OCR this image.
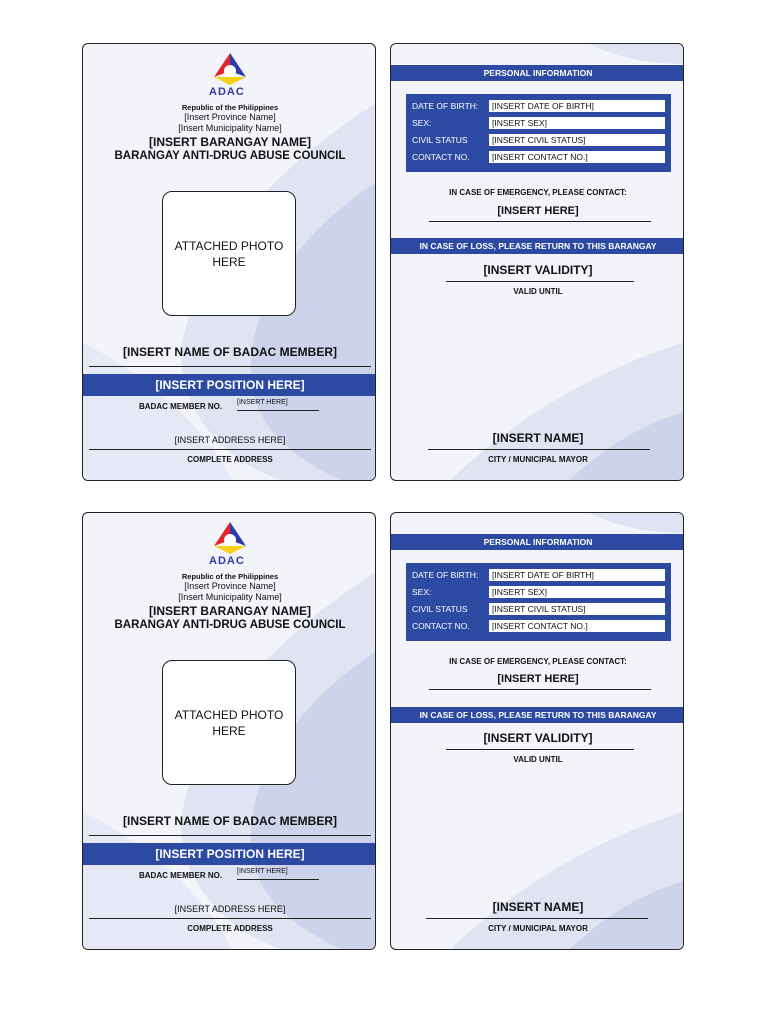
ADAC
Republic of the Philippines
[Insert Province Name]
[Insert Municipality Name]
[INSERT BARANGAY NAME]
BARANGAY ANTI-DRUG ABUSE COUNCIL
ATTACHED PHOTO
HERE
[INSERT NAME OF BADAC MEMBER]
[INSERT POSITION HERE]
BADAC MEMBER NO. [INSERT HERE]
[INSERT ADDRESS HERE]
COMPLETE ADDRESS
PERSONAL INFORMATION
DATE OF BIRTH:	[INSERT DATE OF BIRTH]
SEX:	[INSERT SEX]
CIVIL STATUS	[INSERT CIVIL STATUS]
CONTACT NO.	[INSERT CONTACT NO.]
IN CASE OF EMERGENCY, PLEASE CONTACT:
[INSERT HERE]
IN CASE OF LOSS, PLEASE RETURN TO THIS BARANGAY
[INSERT VALIDITY]
VALID UNTIL
[INSERT NAME]
CITY / MUNICIPAL MAYOR
ADAC
Republic of the Philippines
[Insert Province Name]
[Insert Municipality Name]
[INSERT BARANGAY NAME]
BARANGAY ANTI-DRUG ABUSE COUNCIL
ATTACHED PHOTO
HERE
[INSERT NAME OF BADAC MEMBER]
[INSERT POSITION HERE]
BADAC MEMBER NO. [INSERT HERE]
[INSERT ADDRESS HERE]
COMPLETE ADDRESS
PERSONAL INFORMATION
DATE OF BIRTH:	[INSERT DATE OF BIRTH]
SEX:	[INSERT SEX]
CIVIL STATUS	[INSERT CIVIL STATUS]
CONTACT NO.	[INSERT CONTACT NO.]
IN CASE OF EMERGENCY, PLEASE CONTACT:
[INSERT HERE]
IN CASE OF LOSS, PLEASE RETURN TO THIS BARANGAY
[INSERT VALIDITY]
VALID UNTIL
[INSERT NAME]
CITY / MUNICIPAL MAYOR
